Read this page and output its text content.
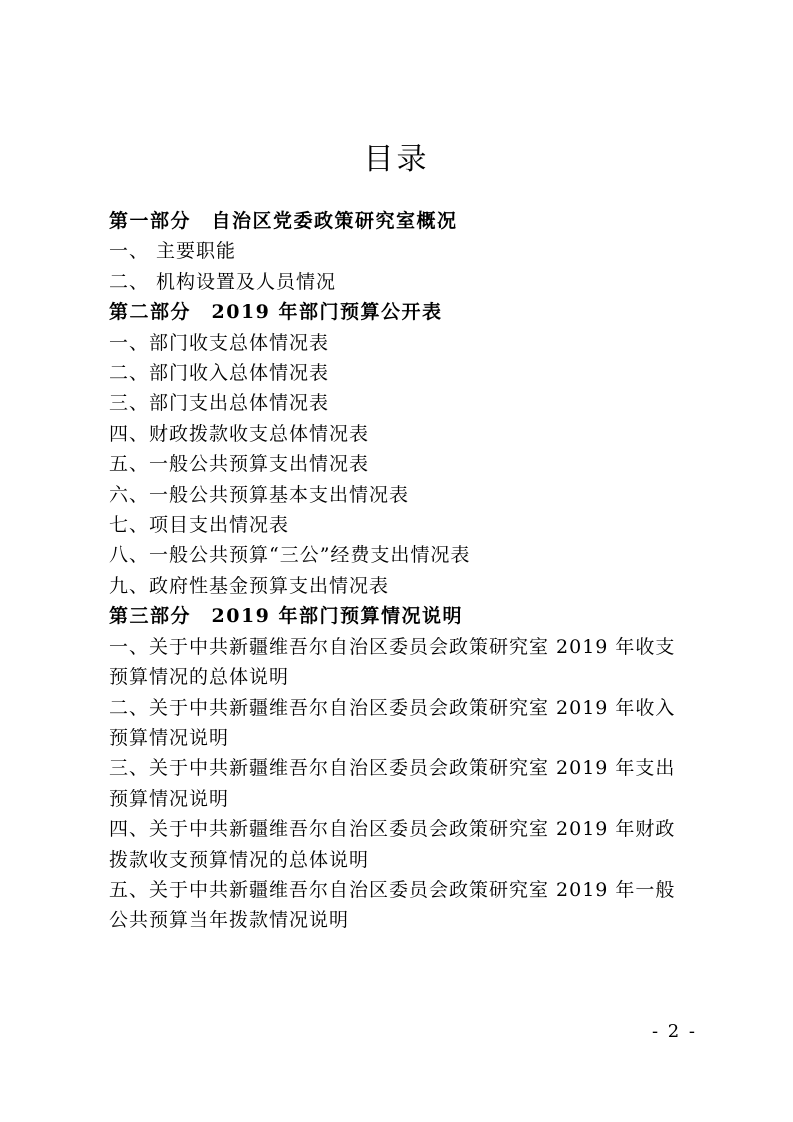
目录
第一部分　自治区党委政策研究室概况
一、 主要职能
二、 机构设置及人员情况
第二部分　2019 年部门预算公开表
一、部门收支总体情况表
二、部门收入总体情况表
三、部门支出总体情况表
四、财政拨款收支总体情况表
五、一般公共预算支出情况表
六、一般公共预算基本支出情况表
七、项目支出情况表
八、一般公共预算“三公”经费支出情况表
九、政府性基金预算支出情况表
第三部分　2019 年部门预算情况说明
一、关于中共新疆维吾尔自治区委员会政策研究室 2019 年收支
预算情况的总体说明
二、关于中共新疆维吾尔自治区委员会政策研究室 2019 年收入
预算情况说明
三、关于中共新疆维吾尔自治区委员会政策研究室 2019 年支出
预算情况说明
四、关于中共新疆维吾尔自治区委员会政策研究室 2019 年财政
拨款收支预算情况的总体说明
五、关于中共新疆维吾尔自治区委员会政策研究室 2019 年一般
公共预算当年拨款情况说明
- 2 -
